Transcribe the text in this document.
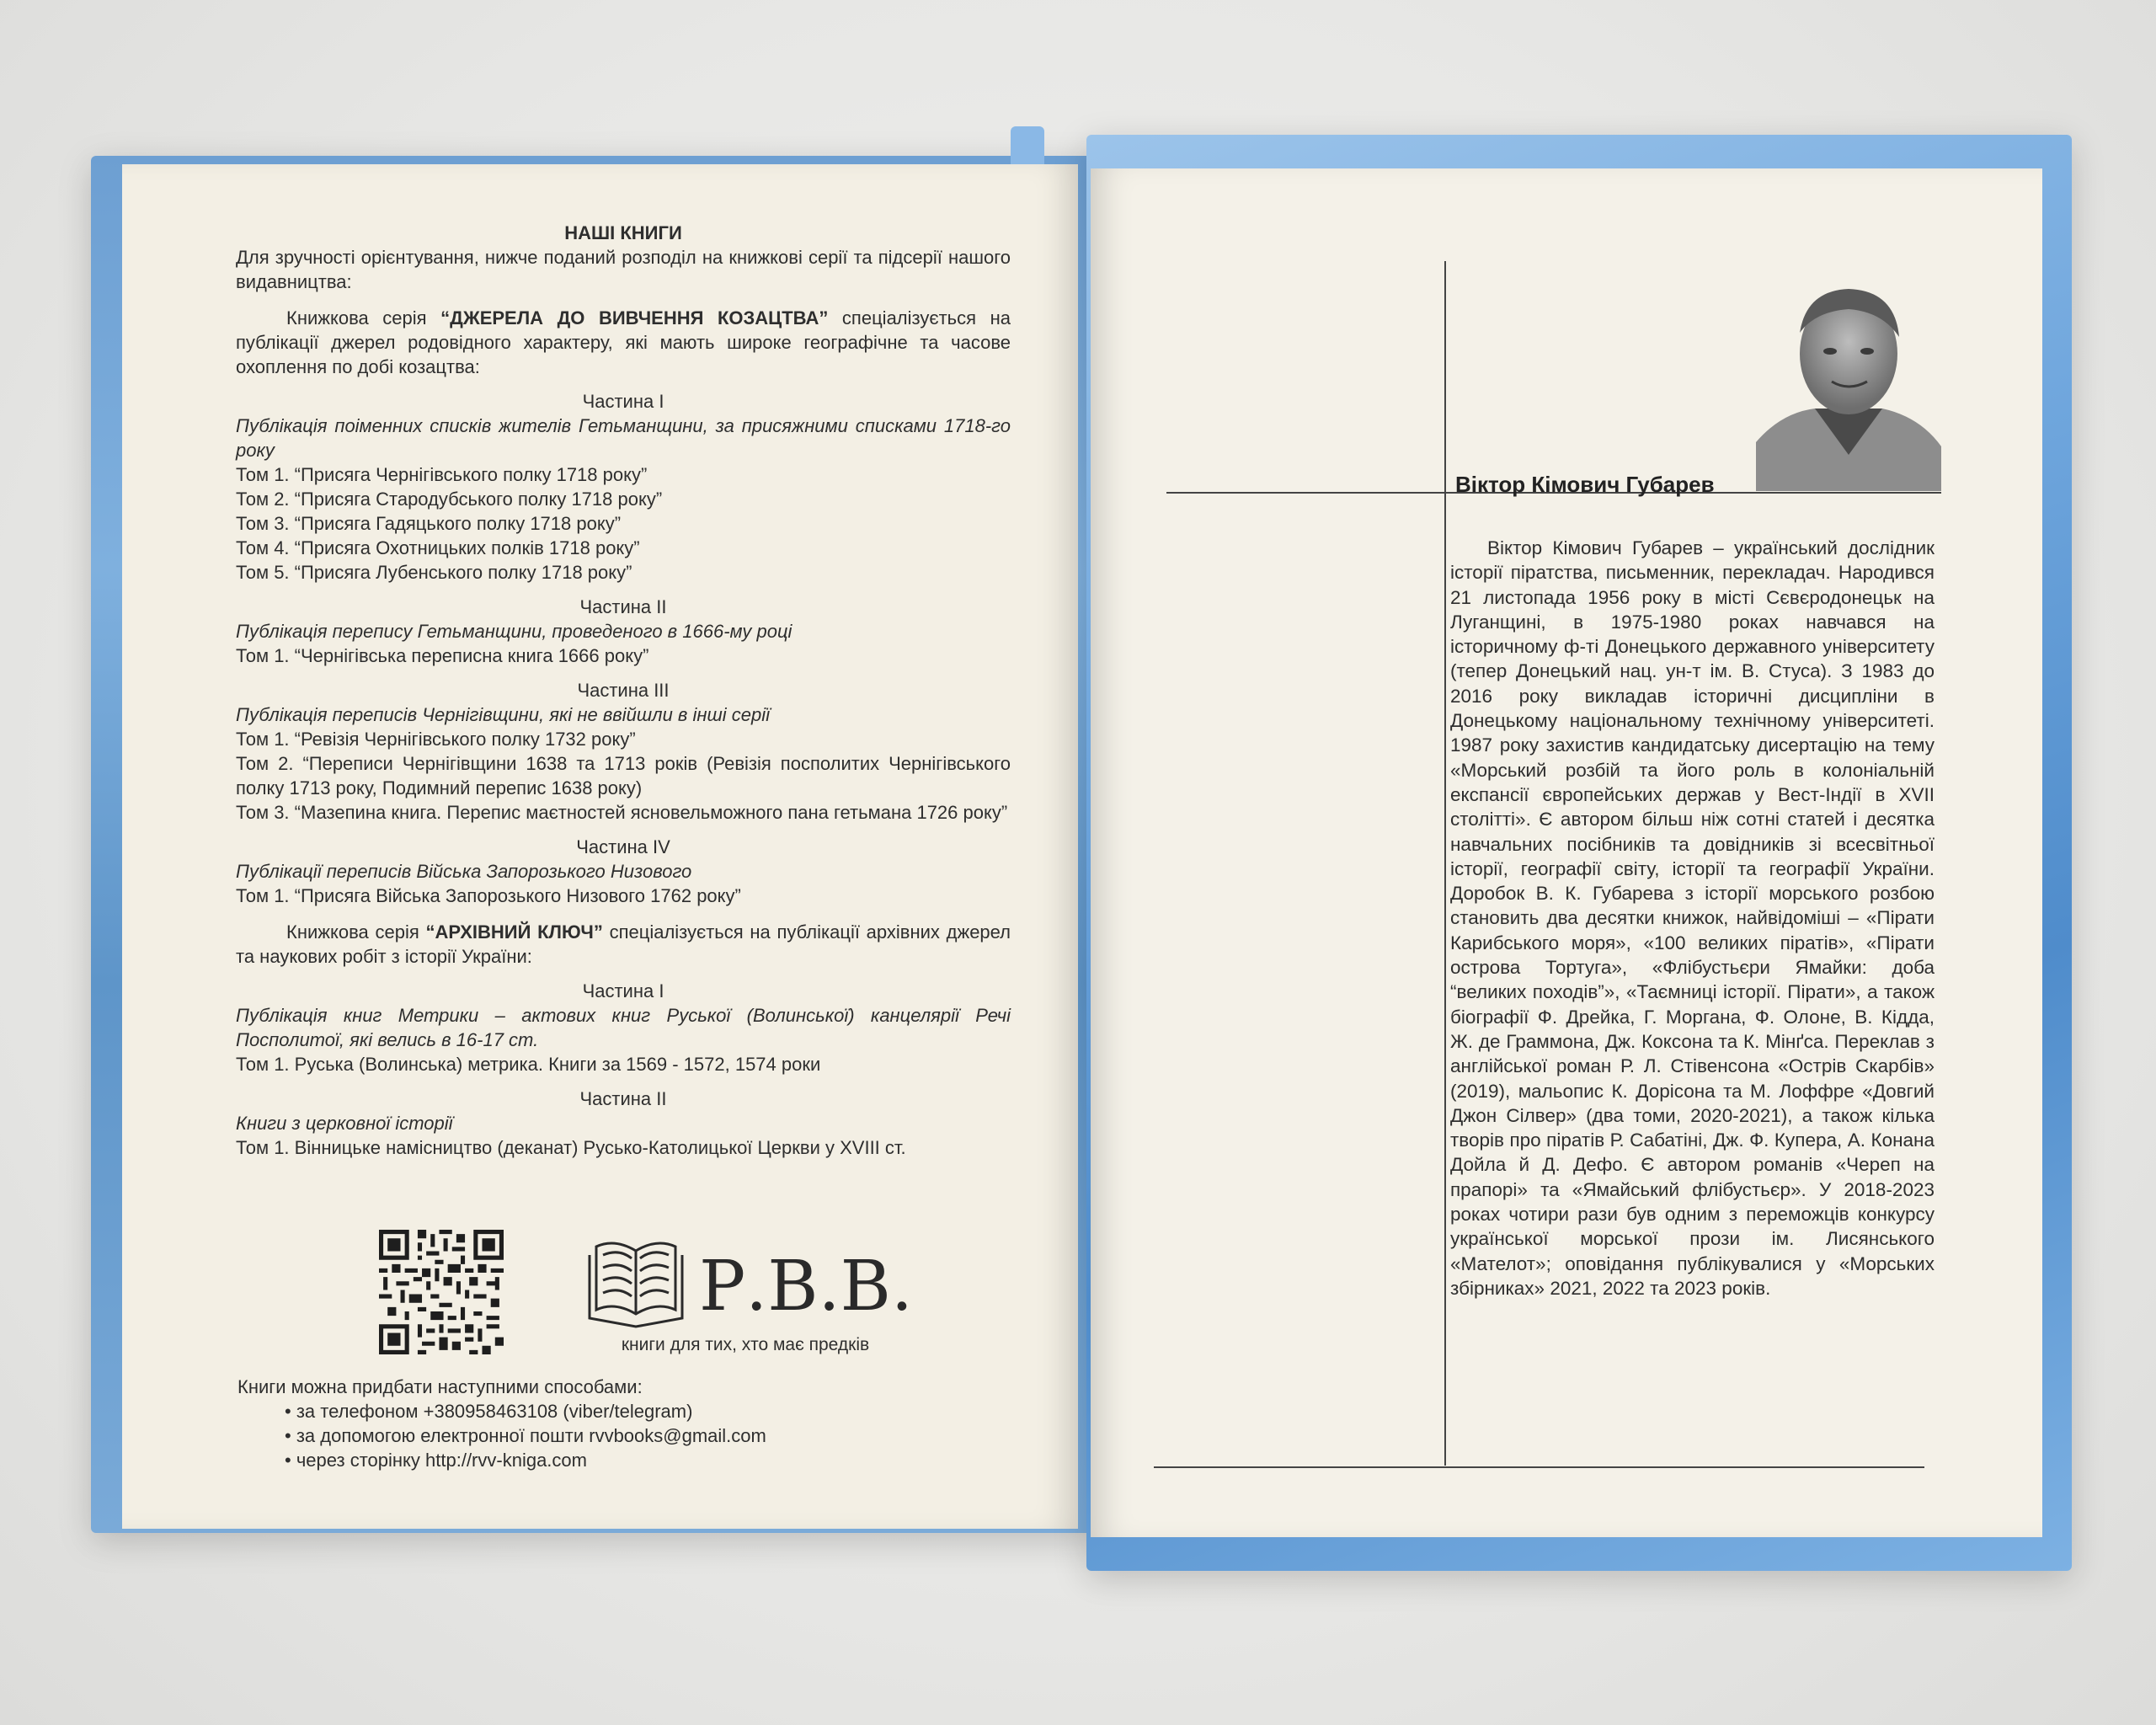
НАШІ КНИГИ

Для зручності орієнтування, нижче поданий розподіл на книжкові серії та підсерії нашого видавництва:

Книжкова серія “ДЖЕРЕЛА ДО ВИВЧЕННЯ КОЗАЦТВА” спеціалізується на публікації джерел родовідного характеру, які мають широке географічне та часове охоплення по добі козацтва:

Частина I

Публікація поіменних списків жителів Гетьманщини, за присяжними списками 1718-го року

Том 1. “Присяга Чернігівського полку 1718 року”

Том 2. “Присяга Стародубського полку 1718 року”

Том 3. “Присяга Гадяцького полку 1718 року”

Том 4. “Присяга Охотницьких полків 1718 року”

Том 5. “Присяга Лубенського полку 1718 року”

Частина II

Публікація перепису Гетьманщини, проведеного в 1666-му році

Том 1. “Чернігівська переписна книга 1666 року”

Частина III

Публікація переписів Чернігівщини, які не ввійшли в інші серії

Том 1. “Ревізія Чернігівського полку 1732 року”

Том 2. “Переписи Чернігівщини 1638 та 1713 років (Ревізія посполитих Чернігівського полку 1713 року, Подимний перепис 1638 року)

Том 3. “Мазепина книга. Перепис маєтностей ясновельможного пана гетьмана 1726 року”

Частина IV

Публікації переписів Війська Запорозького Низового

Том 1. “Присяга Війська Запорозького Низового 1762 року”

Книжкова серія “АРХІВНИЙ КЛЮЧ” спеціалізується на публікації архівних джерел та наукових робіт з історії України:

Частина I

Публікація книг Метрики – актових книг Руської (Волинської) канцелярії Речі Посполитої, які велись в 16-17 ст.

Том 1. Руська (Волинська) метрика. Книги за 1569 - 1572, 1574 роки

Частина II

Книги з церковної історії

Том 1. Вінницьке намісництво (деканат) Русько-Католицької Церкви у XVIII ст.

Р.В.В.
книги для тих, хто має предків

Книги можна придбати наступними способами:

• за телефоном +380958463108 (viber/telegram)

• за допомогою електронної пошти rvvbooks@gmail.com

• через сторінку http://rvv-kniga.com

Віктор Кімович Губарев
Віктор Кімович Губарев – український дослідник історії піратства, письменник, перекладач. Народився 21 листопада 1956 року в місті Сєвєродонецьк на Луганщині, в 1975-1980 роках навчався на історичному ф-ті Донецького державного університету (тепер Донецький нац. ун-т ім. В. Стуса). З 1983 до 2016 року викладав історичні дисципліни в Донецькому національному технічному університеті. 1987 року захистив кандидатську дисертацію на тему «Морський розбій та його роль в колоніальній експансії європейських держав у Вест-Індії в XVII столітті». Є автором більш ніж сотні статей і десятка навчальних посібників та довідників зі всесвітньої історії, географії світу, історії та географії України. Доробок В. К. Губарева з історії морського розбою становить два десятки книжок, найвідоміші – «Пірати Карибського моря», «100 великих піратів», «Пірати острова Тортуга», «Флібустьєри Ямайки: доба “великих походів”», «Таємниці історії. Пірати», а також біографії Ф. Дрейка, Г. Моргана, Ф. Олоне, В. Кідда, Ж. де Граммона, Дж. Коксона та К. Мінґса. Переклав з англійської роман Р. Л. Стівенсона «Острів Скарбів» (2019), мальопис К. Дорісона та М. Лоффре «Довгий Джон Сілвер» (два томи, 2020-2021), а також кілька творів про піратів Р. Сабатіні, Дж. Ф. Купера, А. Конана Дойла й Д. Дефо. Є автором романів «Череп на прапорі» та «Ямайський флібустьєр». У 2018-2023 роках чотири рази був одним з переможців конкурсу української морської прози ім. Лисянського «Мателот»; оповідання публікувалися у «Морських збірниках» 2021, 2022 та 2023 років.
